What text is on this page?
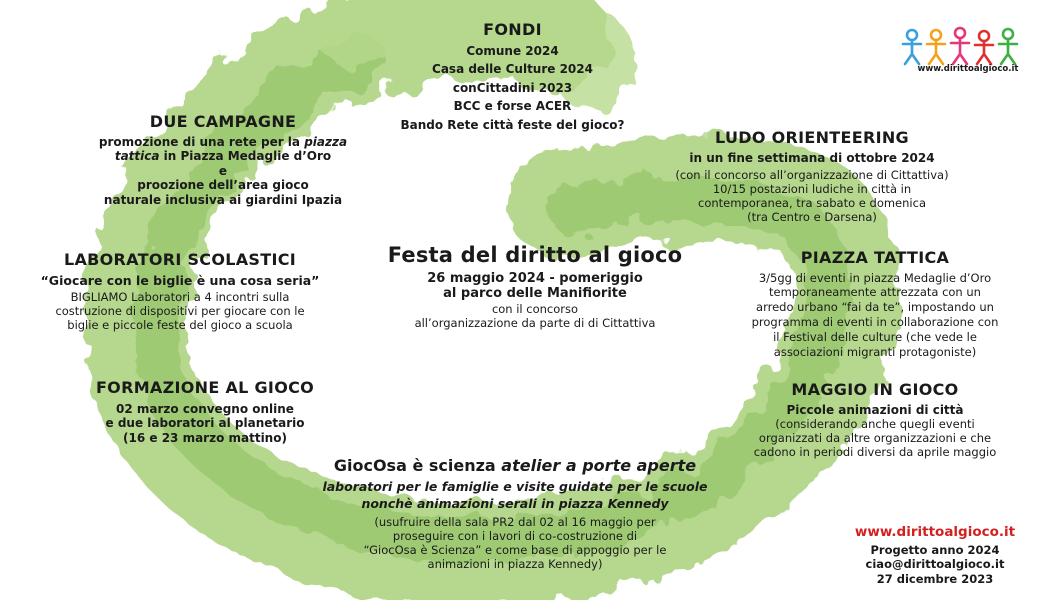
www.dirittoalgioco.it
FONDI
Comune 2024
Casa delle Culture 2024
conCittadini 2023
BCC e forse ACER
Bando Rete città feste del gioco?
DUE CAMPAGNE
promozione di una rete per la piazza
tattica in Piazza Medaglie d’Oro
e
proozione dell’area gioco
naturale inclusiva ai giardini Ipazia
LABORATORI SCOLASTICI
“Giocare con le biglie è una cosa seria”
BIGLIAMO Laboratori a 4 incontri sulla
costruzione di dispositivi per giocare con le
biglie e piccole feste del gioco a scuola
FORMAZIONE AL GIOCO
02 marzo convegno online
e due laboratori al planetario
(16 e 23 marzo mattino)
Festa del diritto al gioco
26 maggio 2024 - pomeriggio
al parco delle Manifiorite
con il concorso
all’organizzazione da parte di di Cittattiva
LUDO ORIENTEERING
in un fine settimana di ottobre 2024
(con il concorso all’organizzazione di Cittattiva)
10/15 postazioni ludiche in città in
contemporanea, tra sabato e domenica
(tra Centro e Darsena)
PIAZZA TATTICA
3/5gg di eventi in piazza Medaglie d’Oro
temporaneamente attrezzata con un
arredo urbano “fai da te”, impostando un
programma di eventi in collaborazione con
il Festival delle culture (che vede le
associazioni migranti protagoniste)
MAGGIO IN GIOCO
Piccole animazioni di città
(considerando anche quegli eventi
organizzati da altre organizzazioni e che
cadono in periodi diversi da aprile maggio
GiocOsa è scienza atelier a porte aperte
laboratori per le famiglie e visite guidate per le scuole
nonchè animazioni serali in piazza Kennedy
(usufruire della sala PR2 dal 02 al 16 maggio per
proseguire con i lavori di co-costruzione di
“GiocOsa è Scienza” e come base di appoggio per le
animazioni in piazza Kennedy)
www.dirittoalgioco.it
Progetto anno 2024
ciao@dirittoalgioco.it
27 dicembre 2023
